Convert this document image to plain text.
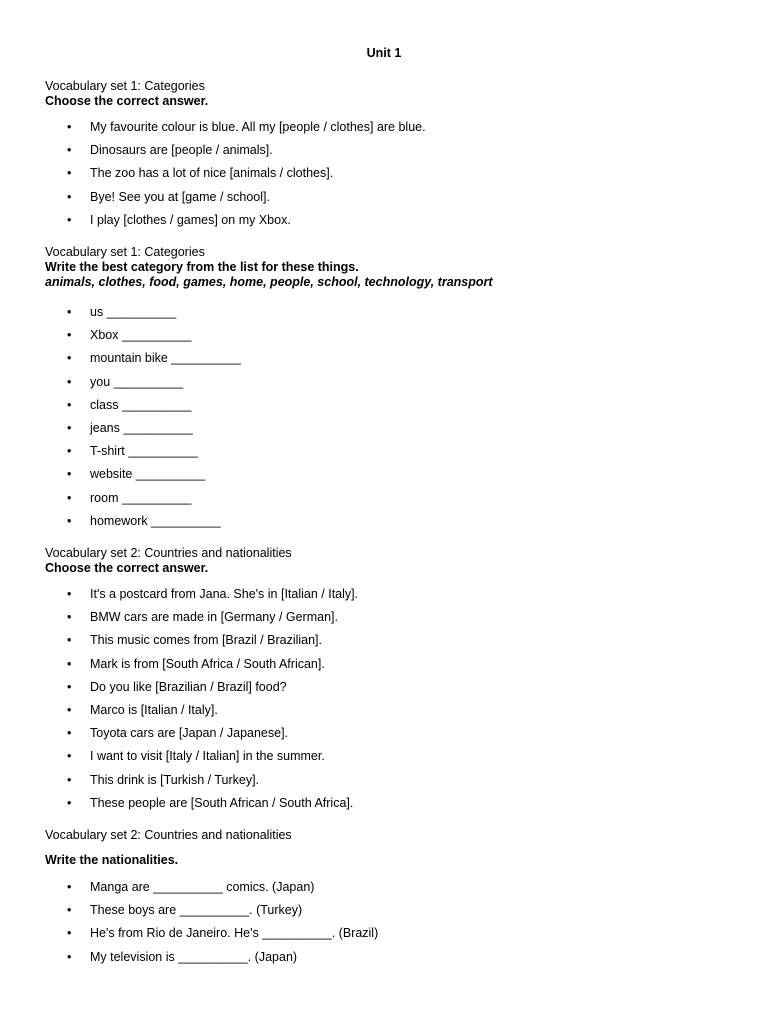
Unit 1
Vocabulary set 1: Categories
Choose the correct answer.
• My favourite colour is blue. All my [people / clothes] are blue.
• Dinosaurs are [people / animals].
• The zoo has a lot of nice [animals / clothes].
• Bye! See you at [game / school].
• I play [clothes / games] on my Xbox.
Vocabulary set 1: Categories
Write the best category from the list for these things.
animals, clothes, food, games, home, people, school, technology, transport
• us __________
• Xbox __________
• mountain bike __________
• you __________
• class __________
• jeans __________
• T-shirt __________
• website __________
• room __________
• homework __________
Vocabulary set 2: Countries and nationalities
Choose the correct answer.
• It's a postcard from Jana. She's in [Italian / Italy].
• BMW cars are made in [Germany / German].
• This music comes from [Brazil / Brazilian].
• Mark is from [South Africa / South African].
• Do you like [Brazilian / Brazil] food?
• Marco is [Italian / Italy].
• Toyota cars are [Japan / Japanese].
• I want to visit [Italy / Italian] in the summer.
• This drink is [Turkish / Turkey].
• These people are [South African / South Africa].
Vocabulary set 2: Countries and nationalities
Write the nationalities.
• Manga are __________ comics. (Japan)
• These boys are __________. (Turkey)
• He's from Rio de Janeiro. He's __________. (Brazil)
• My television is __________. (Japan)
